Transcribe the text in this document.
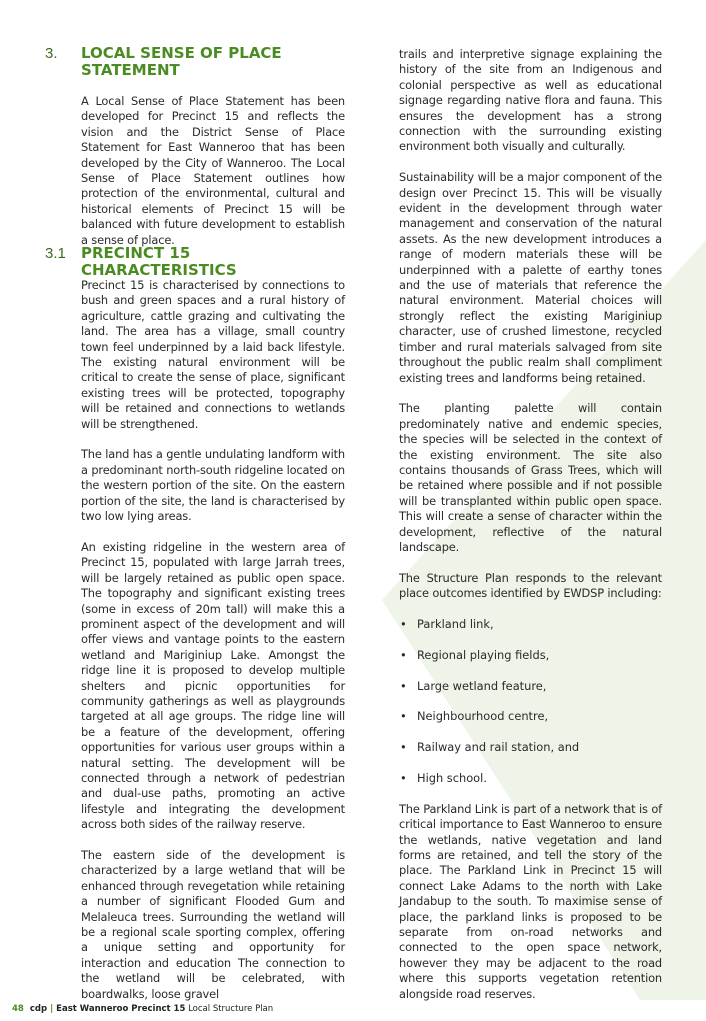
3.	LOCAL SENSE OF PLACE STATEMENT

A Local Sense of Place Statement has been developed for Precinct 15 and reflects the vision and the District Sense of Place Statement for East Wanneroo that has been developed by the City of Wanneroo. The Local Sense of Place Statement outlines how protection of the environmental, cultural and historical elements of Precinct 15 will be balanced with future development to establish a sense of place.

3.1	PRECINCT 15 CHARACTERISTICS

Precinct 15 is characterised by connections to bush and green spaces and a rural history of agriculture, cattle grazing and cultivating the land. The area has a village, small country town feel underpinned by a laid back lifestyle. The existing natural environment will be critical to create the sense of place, significant existing trees will be protected, topography will be retained and connections to wetlands will be strengthened.

The land has a gentle undulating landform with a predominant north-south ridgeline located on the western portion of the site. On the eastern portion of the site, the land is characterised by two low lying areas.

An existing ridgeline in the western area of Precinct 15, populated with large Jarrah trees, will be largely retained as public open space. The topography and significant existing trees (some in excess of 20m tall) will make this a prominent aspect of the development and will offer views and vantage points to the eastern wetland and Mariginiup Lake. Amongst the ridge line it is proposed to develop multiple shelters and picnic opportunities for community gatherings as well as playgrounds targeted at all age groups. The ridge line will be a feature of the development, offering opportunities for various user groups within a natural setting. The development will be connected through a network of pedestrian and dual-use paths, promoting an active lifestyle and integrating the development across both sides of the railway reserve.

The eastern side of the development is characterized by a large wetland that will be enhanced through revegetation while retaining a number of significant Flooded Gum and Melaleuca trees. Surrounding the wetland will be a regional scale sporting complex, offering a unique setting and opportunity for interaction and education The connection to the wetland will be celebrated, with boardwalks, loose gravel

trails and interpretive signage explaining the history of the site from an Indigenous and colonial perspective as well as educational signage regarding native flora and fauna. This ensures the development has a strong connection with the surrounding existing environment both visually and culturally.

Sustainability will be a major component of the design over Precinct 15. This will be visually evident in the development through water management and conservation of the natural assets. As the new development introduces a range of modern materials these will be underpinned with a palette of earthy tones and the use of materials that reference the natural environment. Material choices will strongly reflect the existing Mariginiup character, use of crushed limestone, recycled timber and rural materials salvaged from site throughout the public realm shall compliment existing trees and landforms being retained.

The planting palette will contain predominately native and endemic species, the species will be selected in the context of the existing environment. The site also contains thousands of Grass Trees, which will be retained where possible and if not possible will be transplanted within public open space. This will create a sense of character within the development, reflective of the natural landscape.

The Structure Plan responds to the relevant place outcomes identified by EWDSP including:

• Parkland link,
• Regional playing fields,
• Large wetland feature,
• Neighbourhood centre,
• Railway and rail station, and
• High school.

The Parkland Link is part of a network that is of critical importance to East Wanneroo to ensure the wetlands, native vegetation and land forms are retained, and tell the story of the place. The Parkland Link in Precinct 15 will connect Lake Adams to the north with Lake Jandabup to the south. To maximise sense of place, the parkland links is proposed to be separate from on-road networks and connected to the open space network, however they may be adjacent to the road where this supports vegetation retention alongside road reserves.

48 cdp | East Wanneroo Precinct 15 Local Structure Plan
